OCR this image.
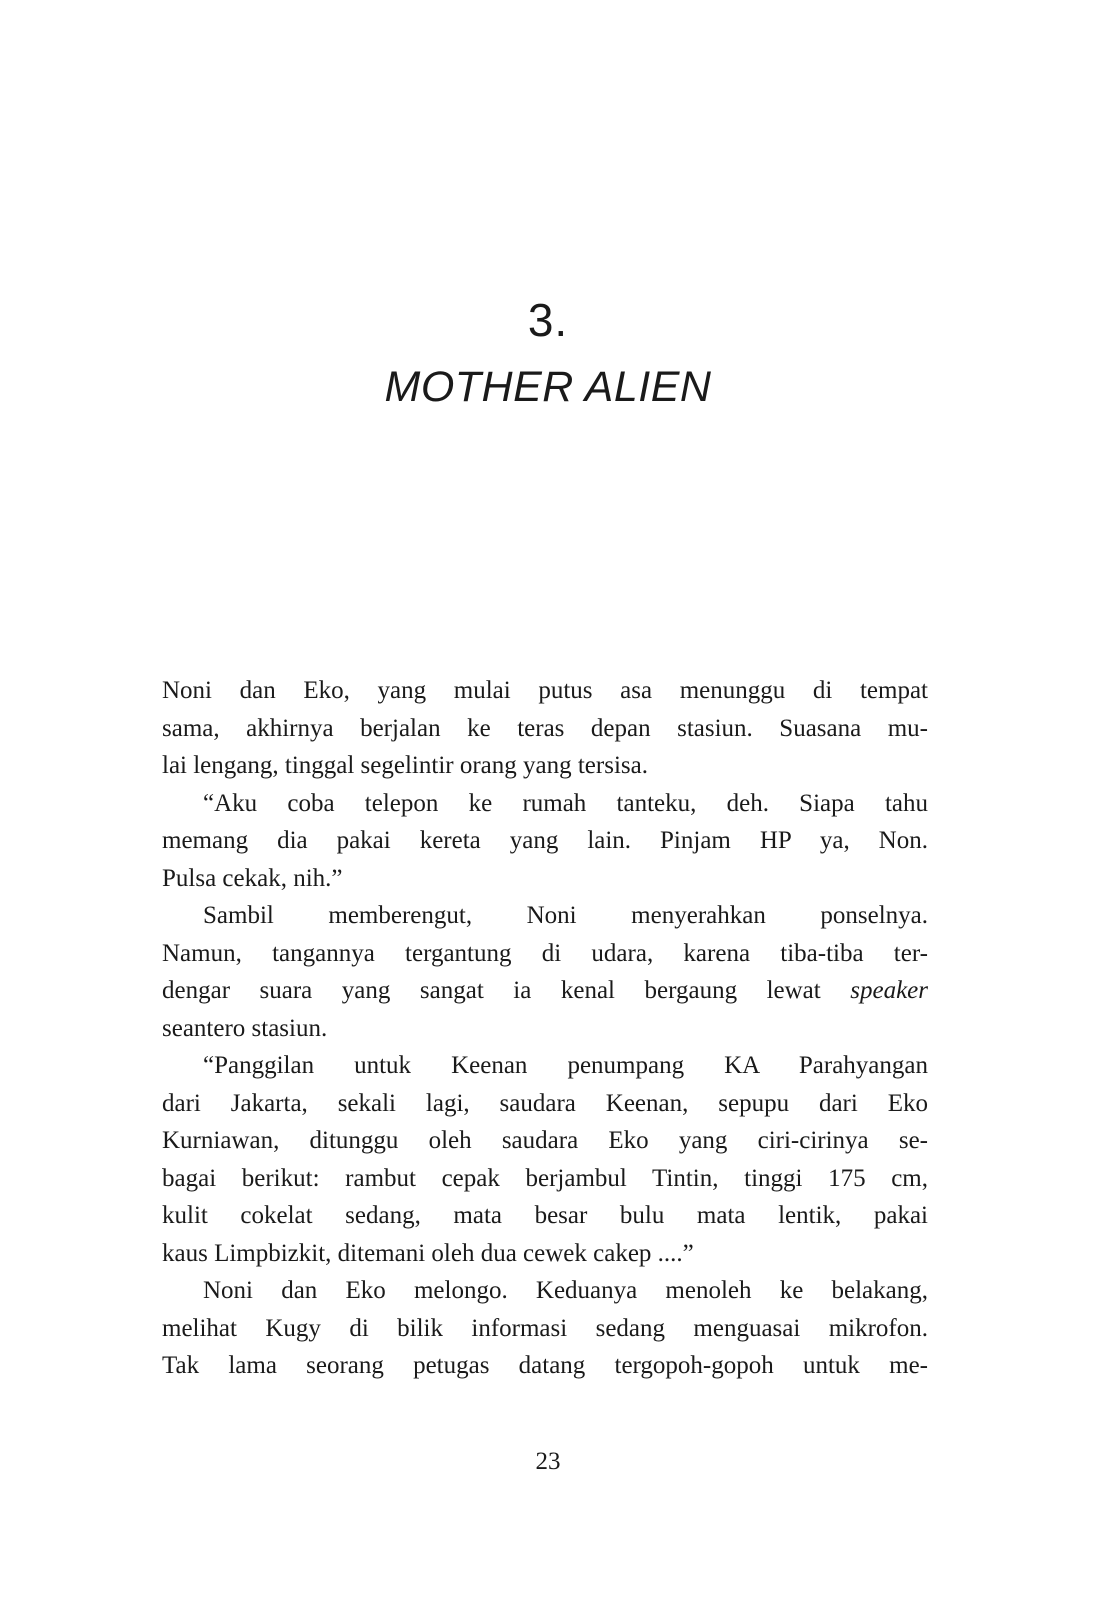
3.
MOTHER ALIEN
Noni dan Eko, yang mulai putus asa menunggu di tempat
sama, akhirnya berjalan ke teras depan stasiun. Suasana mu-
lai lengang, tinggal segelintir orang yang tersisa.
“Aku coba telepon ke rumah tanteku, deh. Siapa tahu
memang dia pakai kereta yang lain. Pinjam HP ya, Non.
Pulsa cekak, nih.”
Sambil memberengut, Noni menyerahkan ponselnya.
Namun, tangannya tergantung di udara, karena tiba-tiba ter-
dengar suara yang sangat ia kenal bergaung lewat speaker
seantero stasiun.
“Panggilan untuk Keenan penumpang KA Parahyangan
dari Jakarta, sekali lagi, saudara Keenan, sepupu dari Eko
Kurniawan, ditunggu oleh saudara Eko yang ciri-cirinya se-
bagai berikut: rambut cepak berjambul Tintin, tinggi 175 cm,
kulit cokelat sedang, mata besar bulu mata lentik, pakai
kaus Limpbizkit, ditemani oleh dua cewek cakep ....”
Noni dan Eko melongo. Keduanya menoleh ke belakang,
melihat Kugy di bilik informasi sedang menguasai mikrofon.
Tak lama seorang petugas datang tergopoh-gopoh untuk me-
23
